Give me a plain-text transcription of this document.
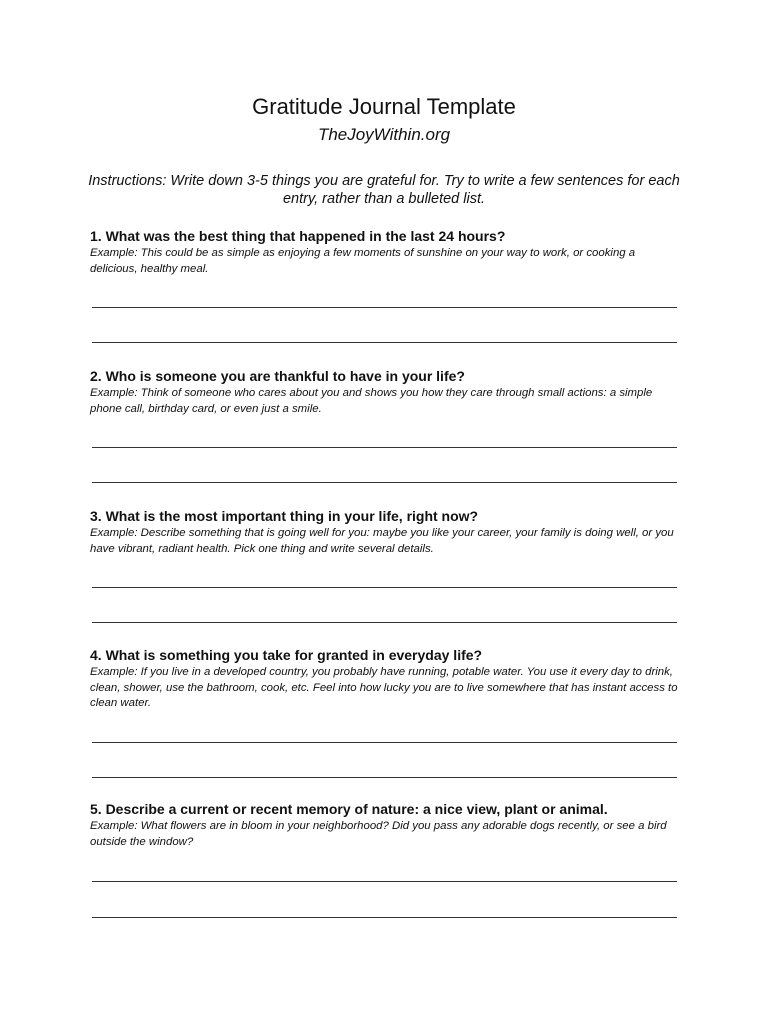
Gratitude Journal Template
TheJoyWithin.org
Instructions: Write down 3-5 things you are grateful for. Try to write a few sentences for each entry, rather than a bulleted list.

1. What was the best thing that happened in the last 24 hours?

Example: This could be as simple as enjoying a few moments of sunshine on your way to work, or cooking a delicious, healthy meal.

2. Who is someone you are thankful to have in your life?

Example: Think of someone who cares about you and shows you how they care through small actions: a simple phone call, birthday card, or even just a smile.

3. What is the most important thing in your life, right now?

Example: Describe something that is going well for you: maybe you like your career, your family is doing well, or you have vibrant, radiant health. Pick one thing and write several details.

4. What is something you take for granted in everyday life?

Example: If you live in a developed country, you probably have running, potable water. You use it every day to drink, clean, shower, use the bathroom, cook, etc. Feel into how lucky you are to live somewhere that has instant access to clean water.

5. Describe a current or recent memory of nature: a nice view, plant or animal.

Example: What flowers are in bloom in your neighborhood? Did you pass any adorable dogs recently, or see a bird outside the window?
